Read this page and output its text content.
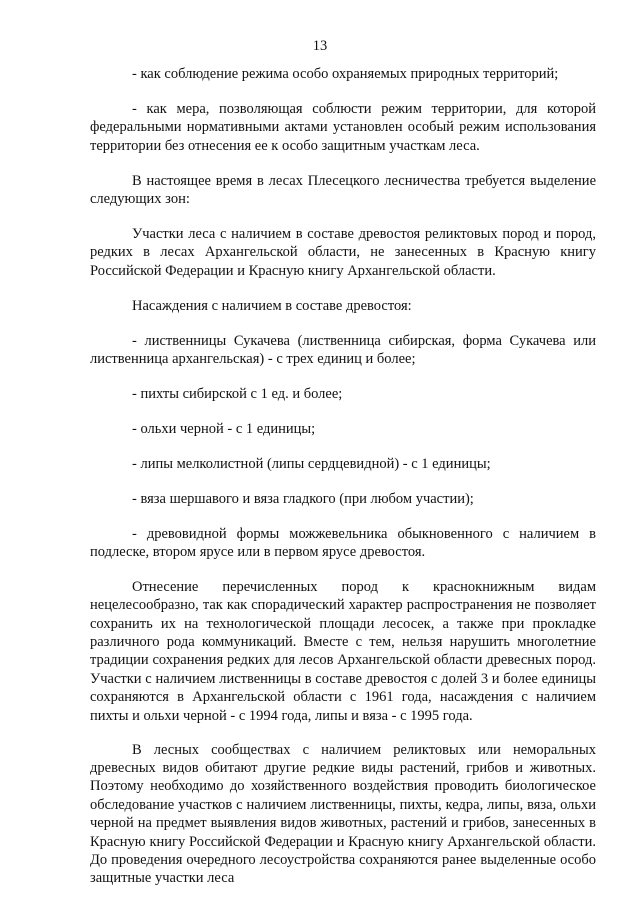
13

- как соблюдение режима особо охраняемых природных территорий;

- как мера, позволяющая соблюсти режим территории, для которой федеральными нормативными актами установлен особый режим использования территории без отнесения ее к особо защитным участкам леса.

В настоящее время в лесах Плесецкого лесничества требуется выделение следующих зон:

Участки леса с наличием в составе древостоя реликтовых пород и пород, редких в лесах Архангельской области, не занесенных в Красную книгу Российской Федерации и Красную книгу Архангельской области.

Насаждения с наличием в составе древостоя:

- лиственницы Сукачева (лиственница сибирская, форма Сукачева или лиственница архангельская) - с трех единиц и более;

- пихты сибирской с 1 ед. и более;

- ольхи черной - с 1 единицы;

- липы мелколистной (липы сердцевидной) - с 1 единицы;

- вяза шершавого и вяза гладкого (при любом участии);

- древовидной формы можжевельника обыкновенного с наличием в подлеске, втором ярусе или в первом ярусе древостоя.

Отнесение перечисленных пород к краснокнижным видам нецелесообразно, так как спорадический характер распространения не позволяет сохранить их на технологической площади лесосек, а также при прокладке различного рода коммуникаций. Вместе с тем, нельзя нарушить многолетние традиции сохранения редких для лесов Архангельской области древесных пород. Участки с наличием лиственницы в составе древостоя с долей 3 и более единицы сохраняются в Архангельской области с 1961 года, насаждения с наличием пихты и ольхи черной - с 1994 года, липы и вяза - с 1995 года.

В лесных сообществах с наличием реликтовых или неморальных древесных видов обитают другие редкие виды растений, грибов и животных. Поэтому необходимо до хозяйственного воздействия проводить биологическое обследование участков с наличием лиственницы, пихты, кедра, липы, вяза, ольхи черной на предмет выявления видов животных, растений и грибов, занесенных в Красную книгу Российской Федерации и Красную книгу Архангельской области. До проведения очередного лесоустройства сохраняются ранее выделенные особо защитные участки леса
